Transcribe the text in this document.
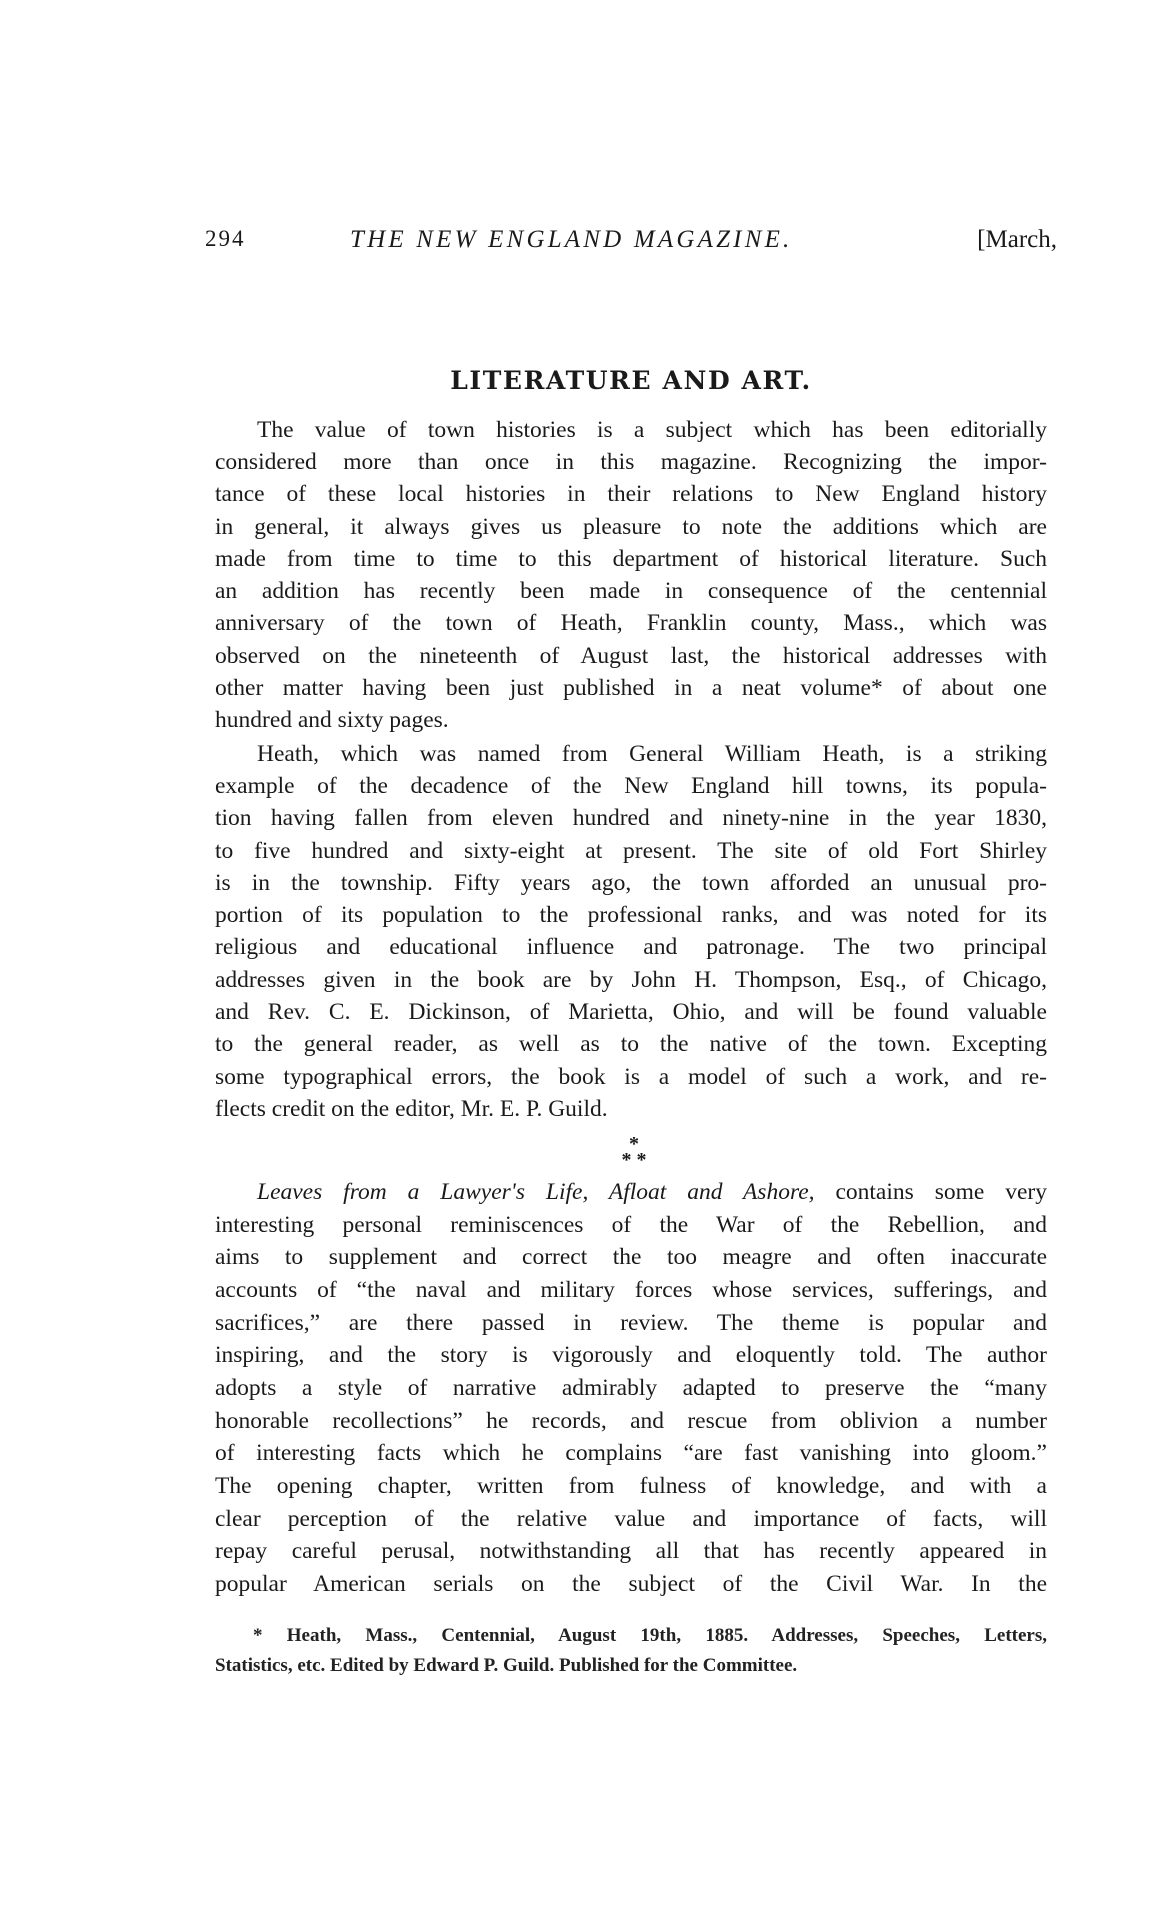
294	THE NEW ENGLAND MAGAZINE.	[March,
LITERATURE AND ART.
The value of town histories is a subject which has been editorially
considered more than once in this magazine. Recognizing the impor-
tance of these local histories in their relations to New England history
in general, it always gives us pleasure to note the additions which are
made from time to time to this department of historical literature. Such
an addition has recently been made in consequence of the centennial
anniversary of the town of Heath, Franklin county, Mass., which was
observed on the nineteenth of August last, the historical addresses with
other matter having been just published in a neat volume* of about one
hundred and sixty pages.
Heath, which was named from General William Heath, is a striking
example of the decadence of the New England hill towns, its popula-
tion having fallen from eleven hundred and ninety-nine in the year 1830,
to five hundred and sixty-eight at present. The site of old Fort Shirley
is in the township. Fifty years ago, the town afforded an unusual pro-
portion of its population to the professional ranks, and was noted for its
religious and educational influence and patronage. The two principal
addresses given in the book are by John H. Thompson, Esq., of Chicago,
and Rev. C. E. Dickinson, of Marietta, Ohio, and will be found valuable
to the general reader, as well as to the native of the town. Excepting
some typographical errors, the book is a model of such a work, and re-
flects credit on the editor, Mr. E. P. Guild.
*
* *
Leaves from a Lawyer's Life, Afloat and Ashore, contains some very
interesting personal reminiscences of the War of the Rebellion, and
aims to supplement and correct the too meagre and often inaccurate
accounts of “the naval and military forces whose services, sufferings, and
sacrifices,” are there passed in review. The theme is popular and
inspiring, and the story is vigorously and eloquently told. The author
adopts a style of narrative admirably adapted to preserve the “many
honorable recollections” he records, and rescue from oblivion a number
of interesting facts which he complains “are fast vanishing into gloom.”
The opening chapter, written from fulness of knowledge, and with a
clear perception of the relative value and importance of facts, will
repay careful perusal, notwithstanding all that has recently appeared in
popular American serials on the subject of the Civil War. In the
* Heath, Mass., Centennial, August 19th, 1885. Addresses, Speeches, Letters,
Statistics, etc. Edited by Edward P. Guild. Published for the Committee.
